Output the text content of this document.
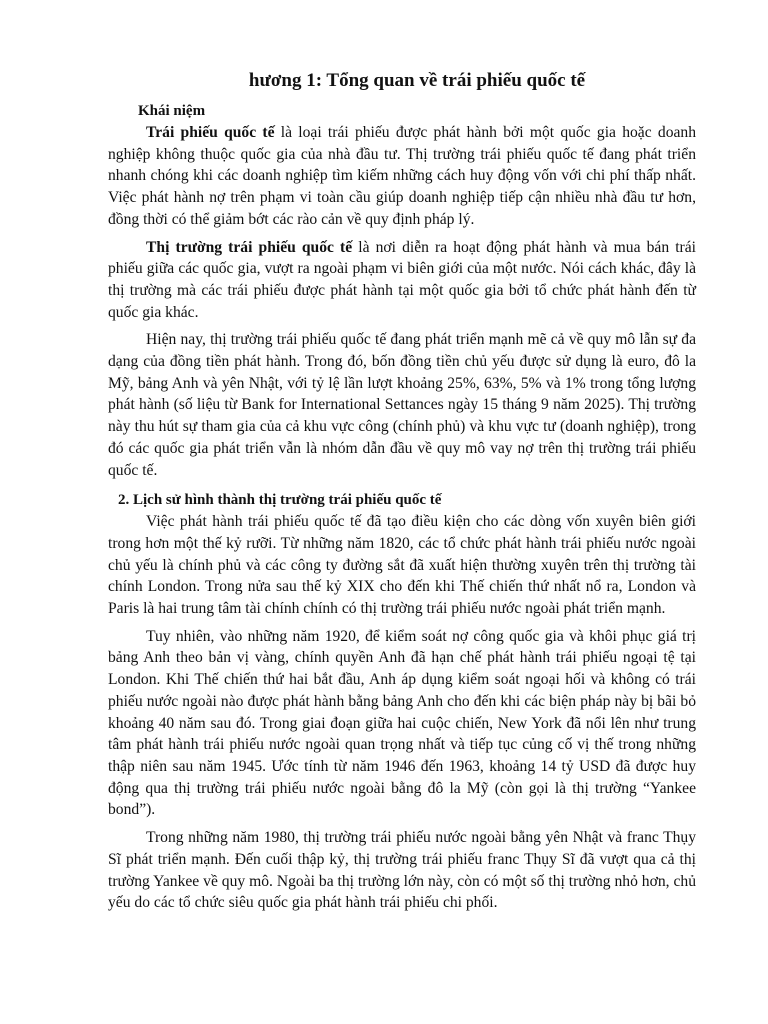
hương 1: Tổng quan về trái phiếu quốc tế
Khái niệm

Trái phiếu quốc tế là loại trái phiếu được phát hành bởi một quốc gia hoặc doanh nghiệp không thuộc quốc gia của nhà đầu tư. Thị trường trái phiếu quốc tế đang phát triển nhanh chóng khi các doanh nghiệp tìm kiếm những cách huy động vốn với chi phí thấp nhất. Việc phát hành nợ trên phạm vi toàn cầu giúp doanh nghiệp tiếp cận nhiều nhà đầu tư hơn, đồng thời có thể giảm bớt các rào cản về quy định pháp lý.

Thị trường trái phiếu quốc tế là nơi diễn ra hoạt động phát hành và mua bán trái phiếu giữa các quốc gia, vượt ra ngoài phạm vi biên giới của một nước. Nói cách khác, đây là thị trường mà các trái phiếu được phát hành tại một quốc gia bởi tổ chức phát hành đến từ quốc gia khác.

Hiện nay, thị trường trái phiếu quốc tế đang phát triển mạnh mẽ cả về quy mô lẫn sự đa dạng của đồng tiền phát hành. Trong đó, bốn đồng tiền chủ yếu được sử dụng là euro, đô la Mỹ, bảng Anh và yên Nhật, với tỷ lệ lần lượt khoảng 25%, 63%, 5% và 1% trong tổng lượng phát hành (số liệu từ Bank for International Settances ngày 15 tháng 9 năm 2025). Thị trường này thu hút sự tham gia của cả khu vực công (chính phủ) và khu vực tư (doanh nghiệp), trong đó các quốc gia phát triển vẫn là nhóm dẫn đầu về quy mô vay nợ trên thị trường trái phiếu quốc tế.

2. Lịch sử hình thành thị trường trái phiếu quốc tế

Việc phát hành trái phiếu quốc tế đã tạo điều kiện cho các dòng vốn xuyên biên giới trong hơn một thế kỷ rưỡi. Từ những năm 1820, các tổ chức phát hành trái phiếu nước ngoài chủ yếu là chính phủ và các công ty đường sắt đã xuất hiện thường xuyên trên thị trường tài chính London. Trong nửa sau thế kỷ XIX cho đến khi Thế chiến thứ nhất nổ ra, London và Paris là hai trung tâm tài chính chính có thị trường trái phiếu nước ngoài phát triển mạnh.

Tuy nhiên, vào những năm 1920, để kiểm soát nợ công quốc gia và khôi phục giá trị bảng Anh theo bản vị vàng, chính quyền Anh đã hạn chế phát hành trái phiếu ngoại tệ tại London. Khi Thế chiến thứ hai bắt đầu, Anh áp dụng kiểm soát ngoại hối và không có trái phiếu nước ngoài nào được phát hành bằng bảng Anh cho đến khi các biện pháp này bị bãi bỏ khoảng 40 năm sau đó. Trong giai đoạn giữa hai cuộc chiến, New York đã nổi lên như trung tâm phát hành trái phiếu nước ngoài quan trọng nhất và tiếp tục củng cố vị thế trong những thập niên sau năm 1945. Ước tính từ năm 1946 đến 1963, khoảng 14 tỷ USD đã được huy động qua thị trường trái phiếu nước ngoài bằng đô la Mỹ (còn gọi là thị trường “Yankee bond”).

Trong những năm 1980, thị trường trái phiếu nước ngoài bằng yên Nhật và franc Thụy Sĩ phát triển mạnh. Đến cuối thập kỷ, thị trường trái phiếu franc Thụy Sĩ đã vượt qua cả thị trường Yankee về quy mô. Ngoài ba thị trường lớn này, còn có một số thị trường nhỏ hơn, chủ yếu do các tổ chức siêu quốc gia phát hành trái phiếu chi phối.
